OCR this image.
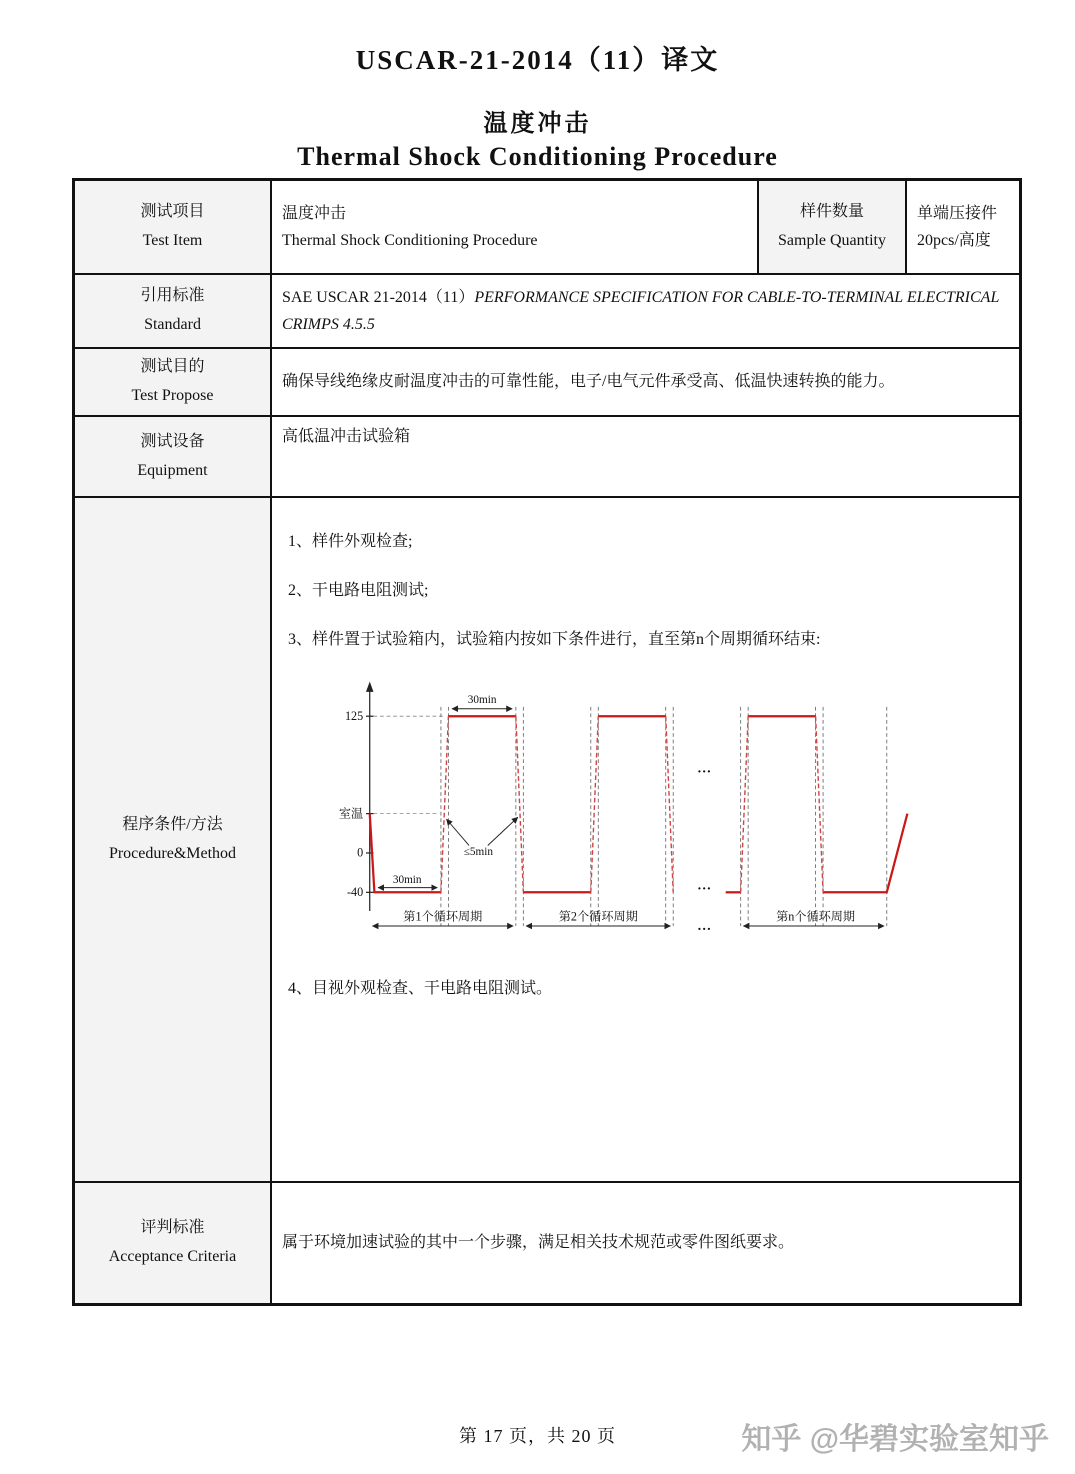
USCAR-21-2014（11）译文
温度冲击
Thermal Shock Conditioning Procedure
测试项目
Test Item
温度冲击
Thermal Shock Conditioning Procedure
样件数量
Sample Quantity
单端压接件
20pcs/高度
引用标准
Standard
SAE USCAR 21-2014（11）PERFORMANCE SPECIFICATION FOR CABLE-TO-TERMINAL ELECTRICAL CRIMPS 4.5.5
测试目的
Test Propose
确保导线绝缘皮耐温度冲击的可靠性能，电子/电气元件承受高、低温快速转换的能力。
测试设备
Equipment
高低温冲击试验箱
程序条件/方法
Procedure&Method
1、样件外观检查;
2、干电路电阻测试;
3、样件置于试验箱内，试验箱内按如下条件进行，直至第n个周期循环结束:
125
室温
0
-40
30min
30min
≤5min
…
…
第1个循环周期	第2个循环周期
…
第n个循环周期
4、目视外观检查、干电路电阻测试。
评判标准
Acceptance Criteria
属于环境加速试验的其中一个步骤，满足相关技术规范或零件图纸要求。
第 17 页，共 20 页	知乎 @华碧实验室知乎
